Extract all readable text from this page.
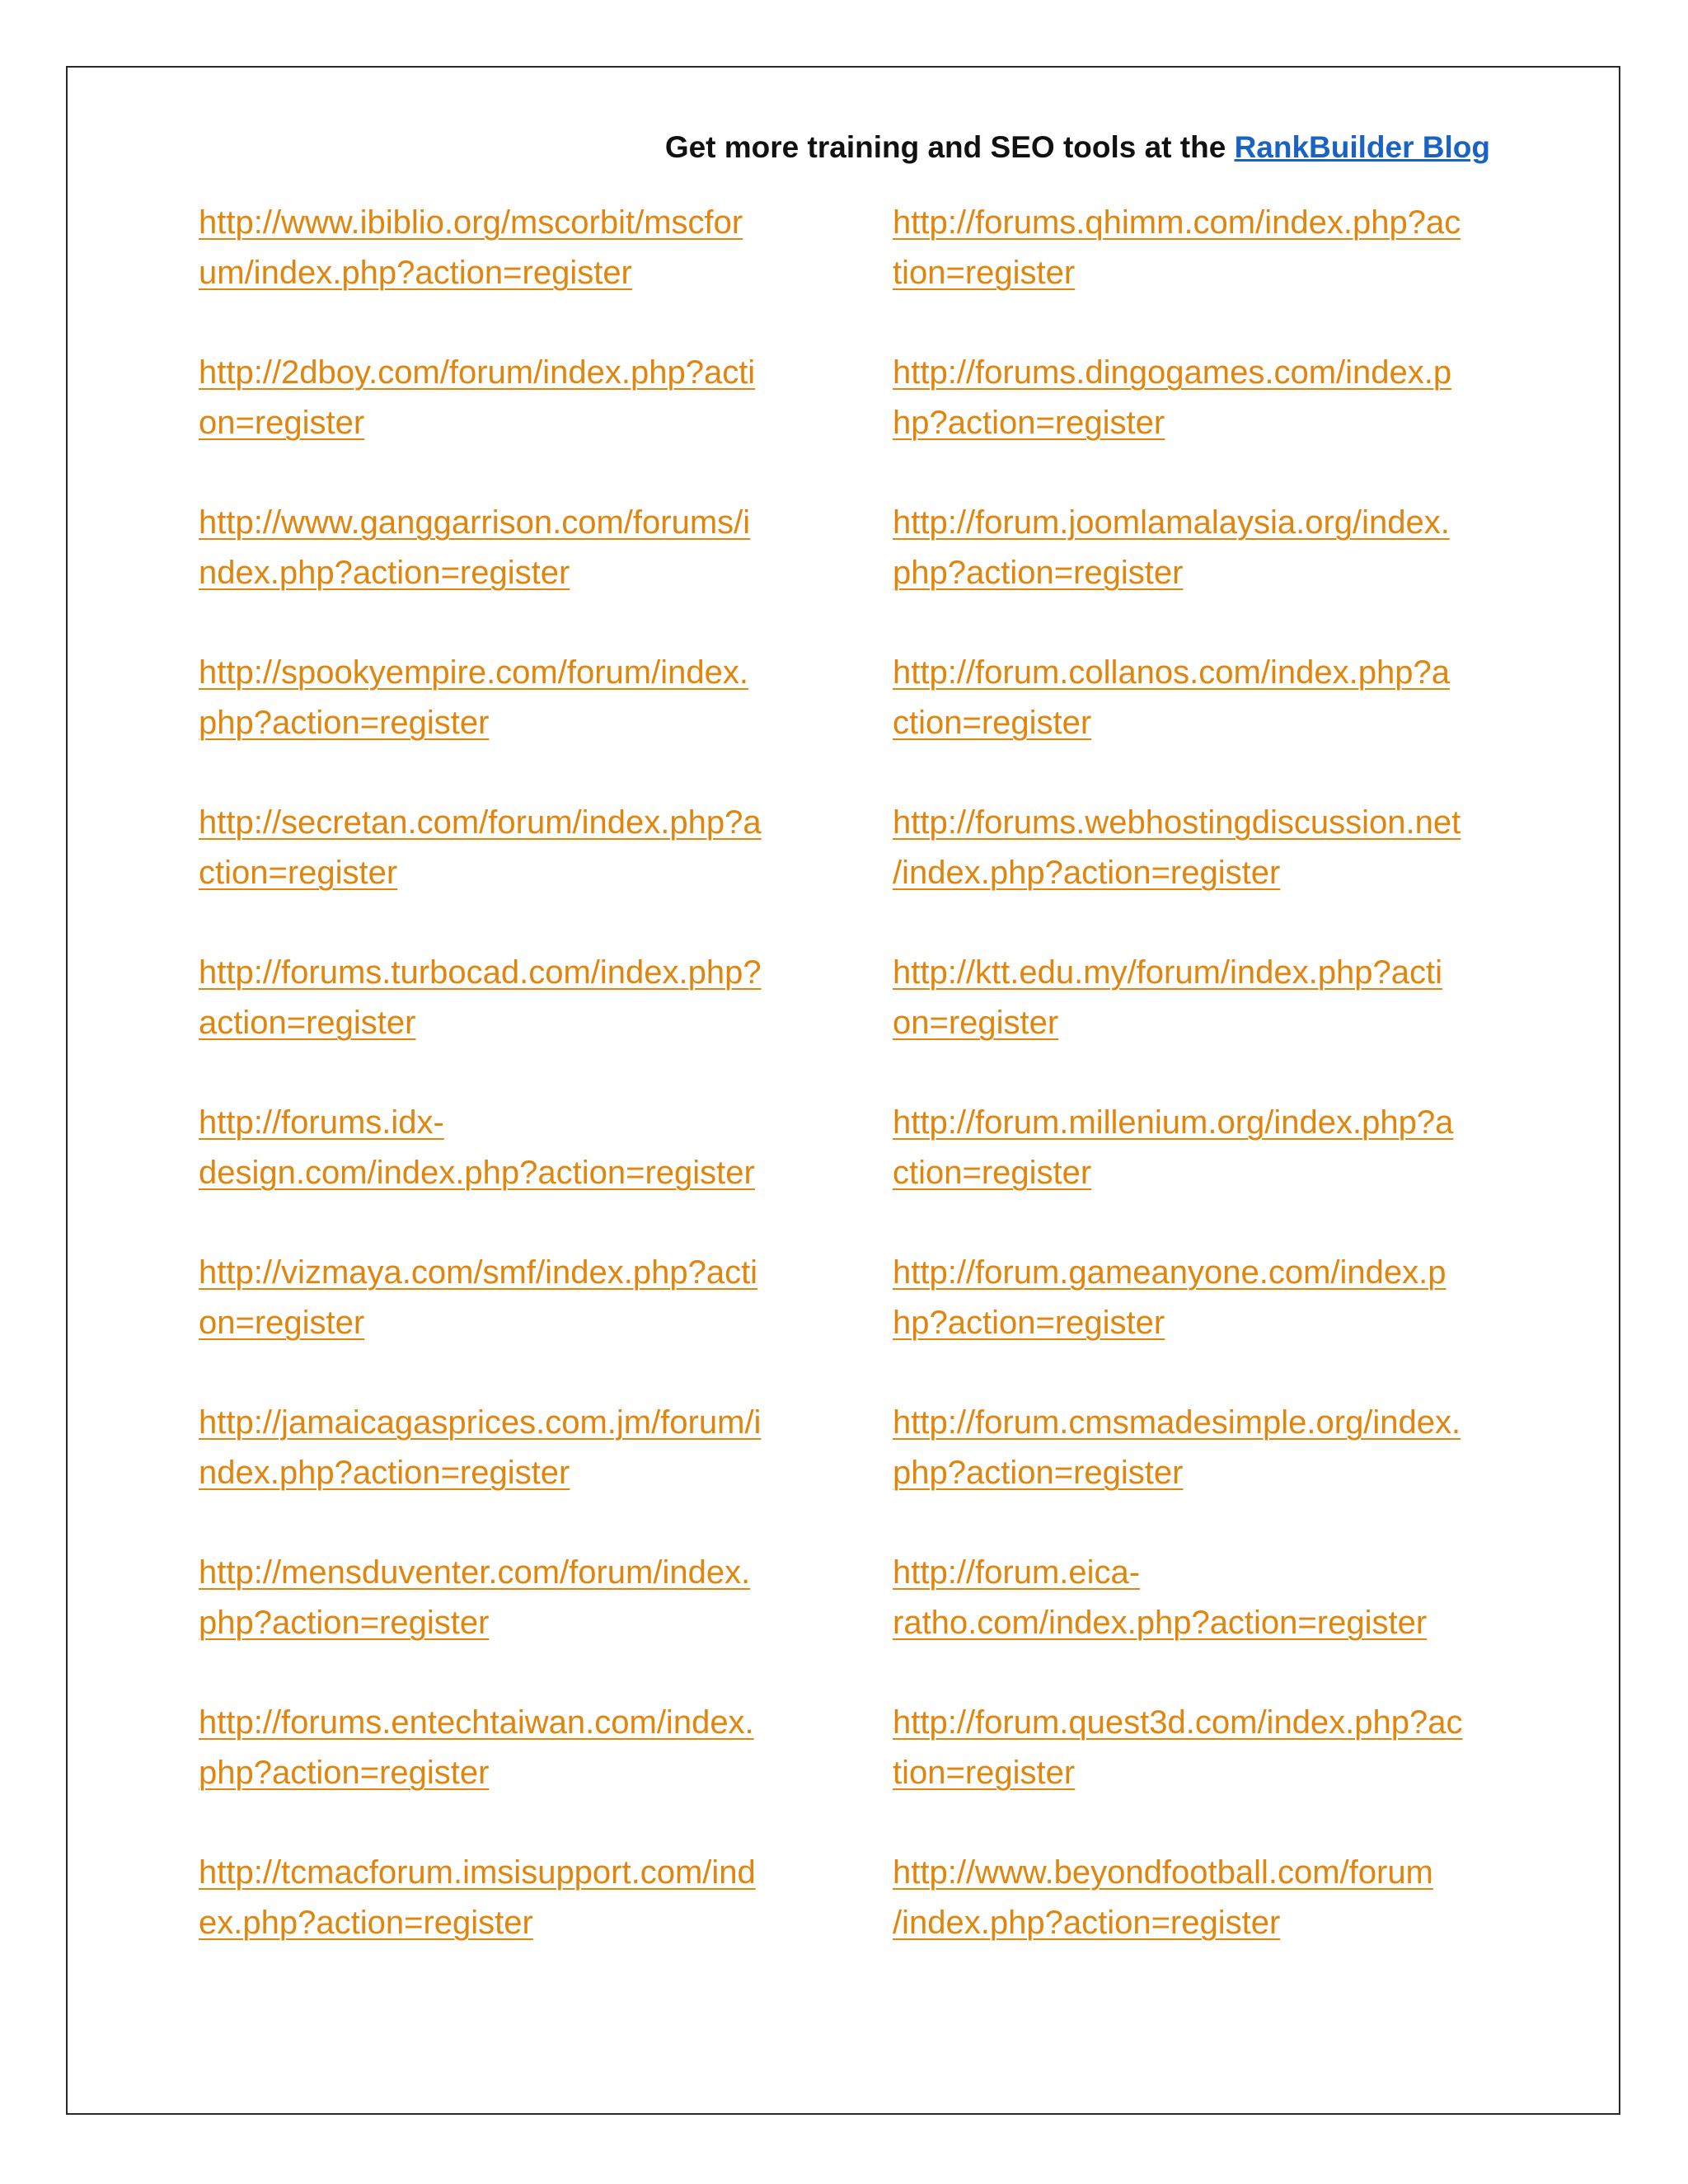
Get more training and SEO tools at the RankBuilder Blog
http://www.ibiblio.org/mscorbit/mscfor
um/index.php?action=register
http://2dboy.com/forum/index.php?acti
on=register
http://www.ganggarrison.com/forums/i
ndex.php?action=register
http://spookyempire.com/forum/index.
php?action=register
http://secretan.com/forum/index.php?a
ction=register
http://forums.turbocad.com/index.php?
action=register
http://forums.idx-
design.com/index.php?action=register
http://vizmaya.com/smf/index.php?acti
on=register
http://jamaicagasprices.com.jm/forum/i
ndex.php?action=register
http://mensduventer.com/forum/index.
php?action=register
http://forums.entechtaiwan.com/index.
php?action=register
http://tcmacforum.imsisupport.com/ind
ex.php?action=register
http://forums.qhimm.com/index.php?ac
tion=register
http://forums.dingogames.com/index.p
hp?action=register
http://forum.joomlamalaysia.org/index.
php?action=register
http://forum.collanos.com/index.php?a
ction=register
http://forums.webhostingdiscussion.net
/index.php?action=register
http://ktt.edu.my/forum/index.php?acti
on=register
http://forum.millenium.org/index.php?a
ction=register
http://forum.gameanyone.com/index.p
hp?action=register
http://forum.cmsmadesimple.org/index.
php?action=register
http://forum.eica-
ratho.com/index.php?action=register
http://forum.quest3d.com/index.php?ac
tion=register
http://www.beyondfootball.com/forum
/index.php?action=register
